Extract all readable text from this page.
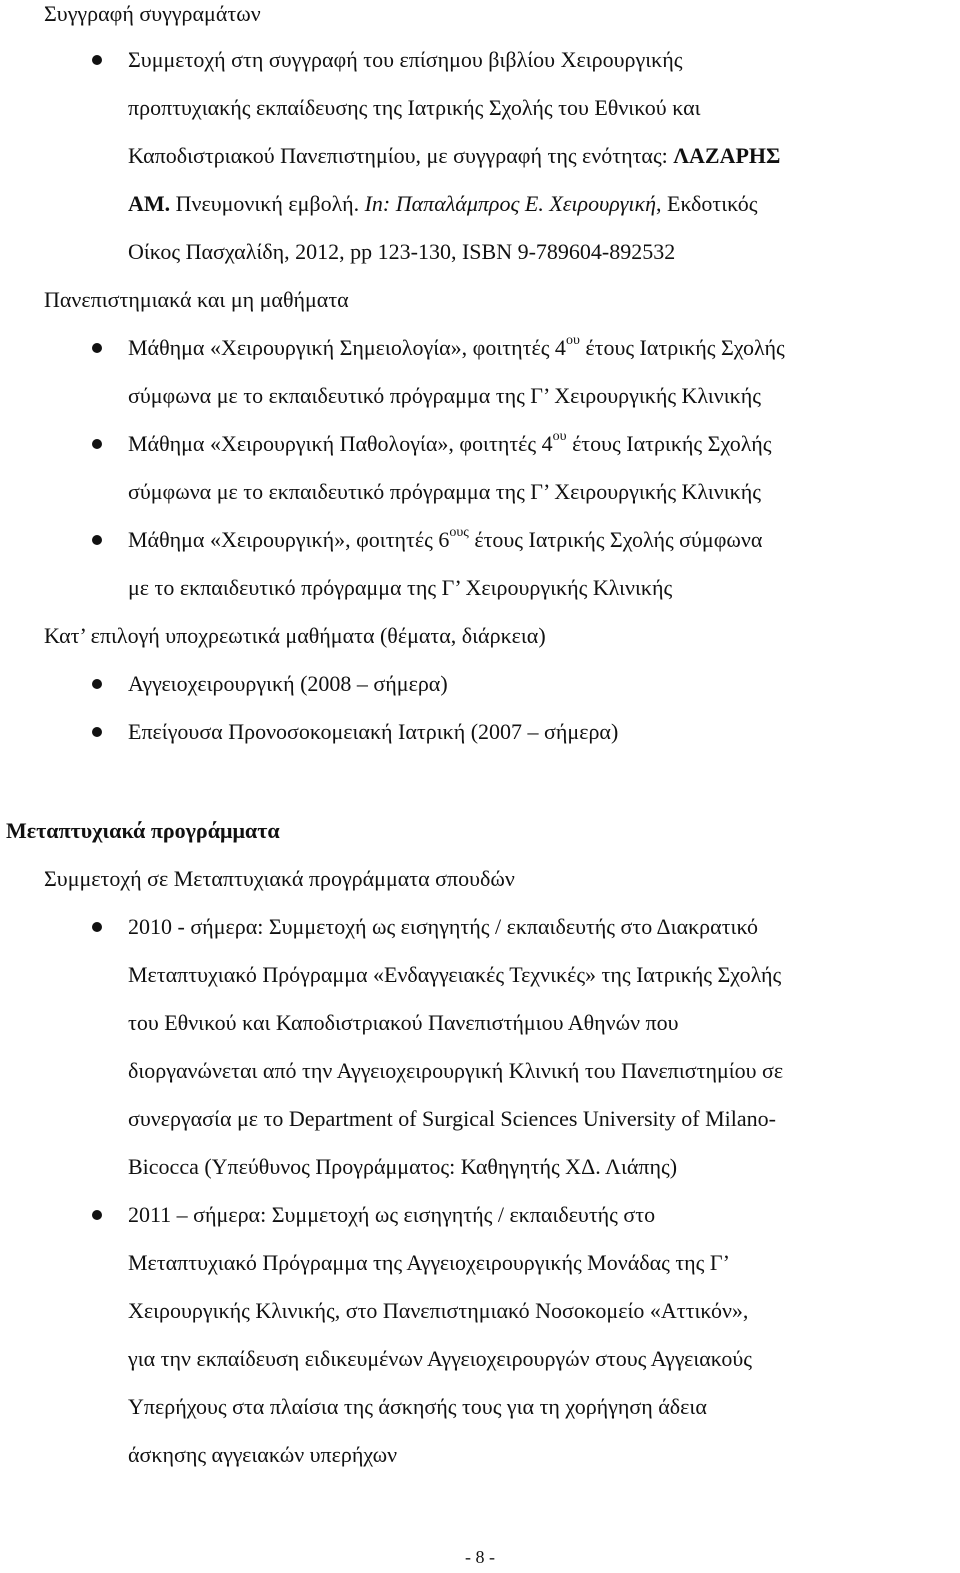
Συγγραφή συγγραμάτων
Συμμετοχή στη συγγραφή του επίσημου βιβλίου Χειρουργικής
προπτυχιακής εκπαίδευσης της Ιατρικής Σχολής του Εθνικού και
Καποδιστριακού Πανεπιστημίου, με συγγραφή της ενότητας: ΛΑΖΑΡΗΣ
ΑΜ. Πνευμονική εμβολή. In: Παπαλάμπρος Ε. Χειρουργική, Εκδοτικός
Οίκος Πασχαλίδη, 2012, pp 123-130, ISBN 9-789604-892532
Πανεπιστημιακά και μη μαθήματα
Μάθημα «Χειρουργική Σημειολογία», φοιτητές $4^{o\upsilon}$ έτους Ιατρικής Σχολής
σύμφωνα με το εκπαιδευτικό πρόγραμμα της Γ’ Χειρουργικής Κλινικής
Μάθημα «Χειρουργική Παθολογία», φοιτητές $4^{o\upsilon}$ έτους Ιατρικής Σχολής
σύμφωνα με το εκπαιδευτικό πρόγραμμα της Γ’ Χειρουργικής Κλινικής
Μάθημα «Χειρουργική», φοιτητές $6^{o\upsilon\varsigma}$ έτους Ιατρικής Σχολής σύμφωνα
με το εκπαιδευτικό πρόγραμμα της Γ’ Χειρουργικής Κλινικής
Κατ’ επιλογή υποχρεωτικά μαθήματα (θέματα, διάρκεια)
Αγγειοχειρουργική (2008 – σήμερα)
Επείγουσα Προνοσοκομειακή Ιατρική (2007 – σήμερα)
Μεταπτυχιακά προγράμματα
Συμμετοχή σε Μεταπτυχιακά προγράμματα σπουδών
2010 - σήμερα: Συμμετοχή ως εισηγητής / εκπαιδευτής στο Διακρατικό
Μεταπτυχιακό Πρόγραμμα «Ενδαγγειακές Τεχνικές» της Ιατρικής Σχολής
του Εθνικού και Καποδιστριακού Πανεπιστήμιου Αθηνών που
διοργανώνεται από την Αγγειοχειρουργική Κλινική του Πανεπιστημίου σε
συνεργασία με το Department of Surgical Sciences University of Milano-
Bicocca (Υπεύθυνος Προγράμματος: Καθηγητής ΧΔ. Λιάπης)
2011 – σήμερα: Συμμετοχή ως εισηγητής / εκπαιδευτής στο
Μεταπτυχιακό Πρόγραμμα της Αγγειοχειρουργικής Μονάδας της Γ’
Χειρουργικής Κλινικής, στο Πανεπιστημιακό Νοσοκομείο «Αττικόν»,
για την εκπαίδευση ειδικευμένων Αγγειοχειρουργών στους Αγγειακούς
Υπερήχους στα πλαίσια της άσκησής τους για τη χορήγηση άδεια
άσκησης αγγειακών υπερήχων
- 8 -
